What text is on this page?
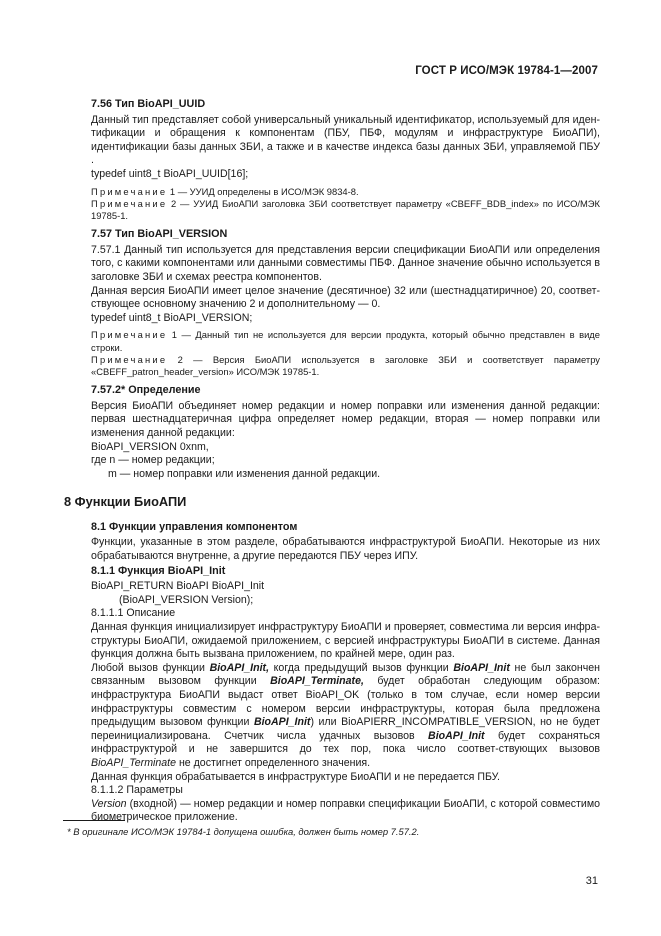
ГОСТ Р ИСО/МЭК 19784-1—2007

7.56 Тип BioAPI_UUID

Данный тип представляет собой универсальный уникальный идентификатор, используемый для иден-тификации и обращения к компонентам (ПБУ, ПБФ, модулям и инфраструктуре БиоАПИ), идентификации базы данных ЗБИ, а также и в качестве индекса базы данных ЗБИ, управляемой ПБУ .

typedef uint8_t BioAPI_UUID[16];

Примечание 1 — УУИД определены в ИСО/МЭК 9834-8.

Примечание 2 — УУИД БиоАПИ заголовка ЗБИ соответствует параметру «CBEFF_BDB_index» по ИСО/МЭК 19785-1.

7.57 Тип BioAPI_VERSION

7.57.1 Данный тип используется для представления версии спецификации БиоАПИ или определения того, с какими компонентами или данными совместимы ПБФ. Данное значение обычно используется в заголовке ЗБИ и схемах реестра компонентов.

Данная версия БиоАПИ имеет целое значение (десятичное) 32 или (шестнадцатиричное) 20, соответ-ствующее основному значению 2 и дополнительному — 0.

typedef uint8_t BioAPI_VERSION;

Примечание 1 — Данный тип не используется для версии продукта, который обычно представлен в виде строки.

Примечание 2 — Версия БиоАПИ используется в заголовке ЗБИ и соответствует параметру «CBEFF_patron_header_version» ИСО/МЭК 19785-1.

7.57.2* Определение

Версия БиоАПИ объединяет номер редакции и номер поправки или изменения данной редакции: первая шестнадцатеричная цифра определяет номер редакции, вторая — номер поправки или изменения данной редакции:

BioAPI_VERSION 0xnm,

где n — номер редакции;

m — номер поправки или изменения данной редакции.

8 Функции БиоАПИ

8.1 Функции управления компонентом

Функции, указанные в этом разделе, обрабатываются инфраструктурой БиоАПИ. Некоторые из них обрабатываются внутренне, а другие передаются ПБУ через ИПУ.

8.1.1 Функция BioAPI_Init

BioAPI_RETURN BioAPI BioAPI_Init

(BioAPI_VERSION Version);

8.1.1.1 Описание

Данная функция инициализирует инфраструктуру БиоАПИ и проверяет, совместима ли версия инфра-структуры БиоАПИ, ожидаемой приложением, с версией инфраструктуры БиоАПИ в системе. Данная функция должна быть вызвана приложением, по крайней мере, один раз.

Любой вызов функции BioAPI_Init, когда предыдущий вызов функции BioAPI_Init не был закончен связанным вызовом функции BioAPI_Terminate, будет обработан следующим образом: инфраструктура БиоАПИ выдаст ответ BioAPI_OK (только в том случае, если номер версии инфраструктуры совместим с номером версии инфраструктуры, которая была предложена предыдущим вызовом функции BioAPI_Init) или BioAPIERR_INCOMPATIBLE_VERSION, но не будет переинициализирована. Счетчик числа удачных вызовов BioAPI_Init будет сохраняться инфраструктурой и не завершится до тех пор, пока число соответ-ствующих вызовов BioAPI_Terminate не достигнет определенного значения.

Данная функция обрабатывается в инфраструктуре БиоАПИ и не передается ПБУ.

8.1.1.2 Параметры

Version (входной) — номер редакции и номер поправки спецификации БиоАПИ, с которой совместимо биометрическое приложение.

* В оригинале ИСО/МЭК 19784-1 допущена ошибка, должен быть номер 7.57.2.
31
